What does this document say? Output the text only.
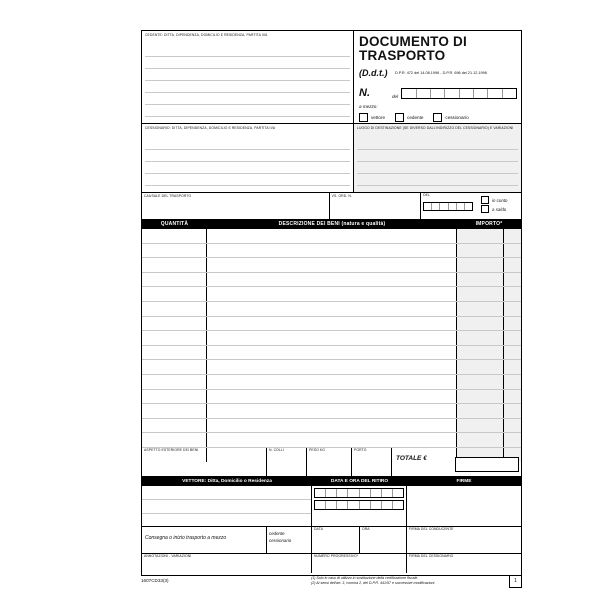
CEDENTE: DITTA, DIPENDENZA, DOMICILIO E RESIDENZA, PARTITA IVA	DOCUMENTO DI TRASPORTO
(D.d.t.) D.P.R. 472 del 14.08.1996 - D.P.R. 696 del 21.12.1996
N.	del
a mezzo:
vettore	cedente	cessionario
CESSIONARIO: DITTA, DIPENDENZA, DOMICILIO E RESIDENZA, PARTITA IVA	LUOGO DI DESTINAZIONE (SE DIVERSO DALL'INDIRIZZO DEL CESSIONARIO) E VARIAZIONI
CAUSALE DEL TRASPORTO	VS. ORD. N.	DEL
in conto
a saldo
QUANTITÀ	DESCRIZIONE DEI BENI (natura e qualità)	IMPORTO*
ASPETTO ESTERIORE DEI BENI	N. COLLI	PESO KG	PORTO
TOTALE €
VETTORE: Ditta, Domicilio o Residenza	DATA E ORA DEL RITIRO	FIRME
Consegna o inizio trasporto a mezzo
cedente
cessionario
DATA	ORA	FIRMA DEL CONDUCENTE
ANNOTAZIONI - VARIAZIONI	NUMERO PROGRESSIVO*	FIRMA DEL CESSIONARIO
1607CD33(3)	(1) Solo in caso di utilizzo in sostituzione della certificazione fiscale.
(2) Ai sensi dell'art. 3, comma 2, del D.P.R. 441/97 e successive modificazioni.	1
